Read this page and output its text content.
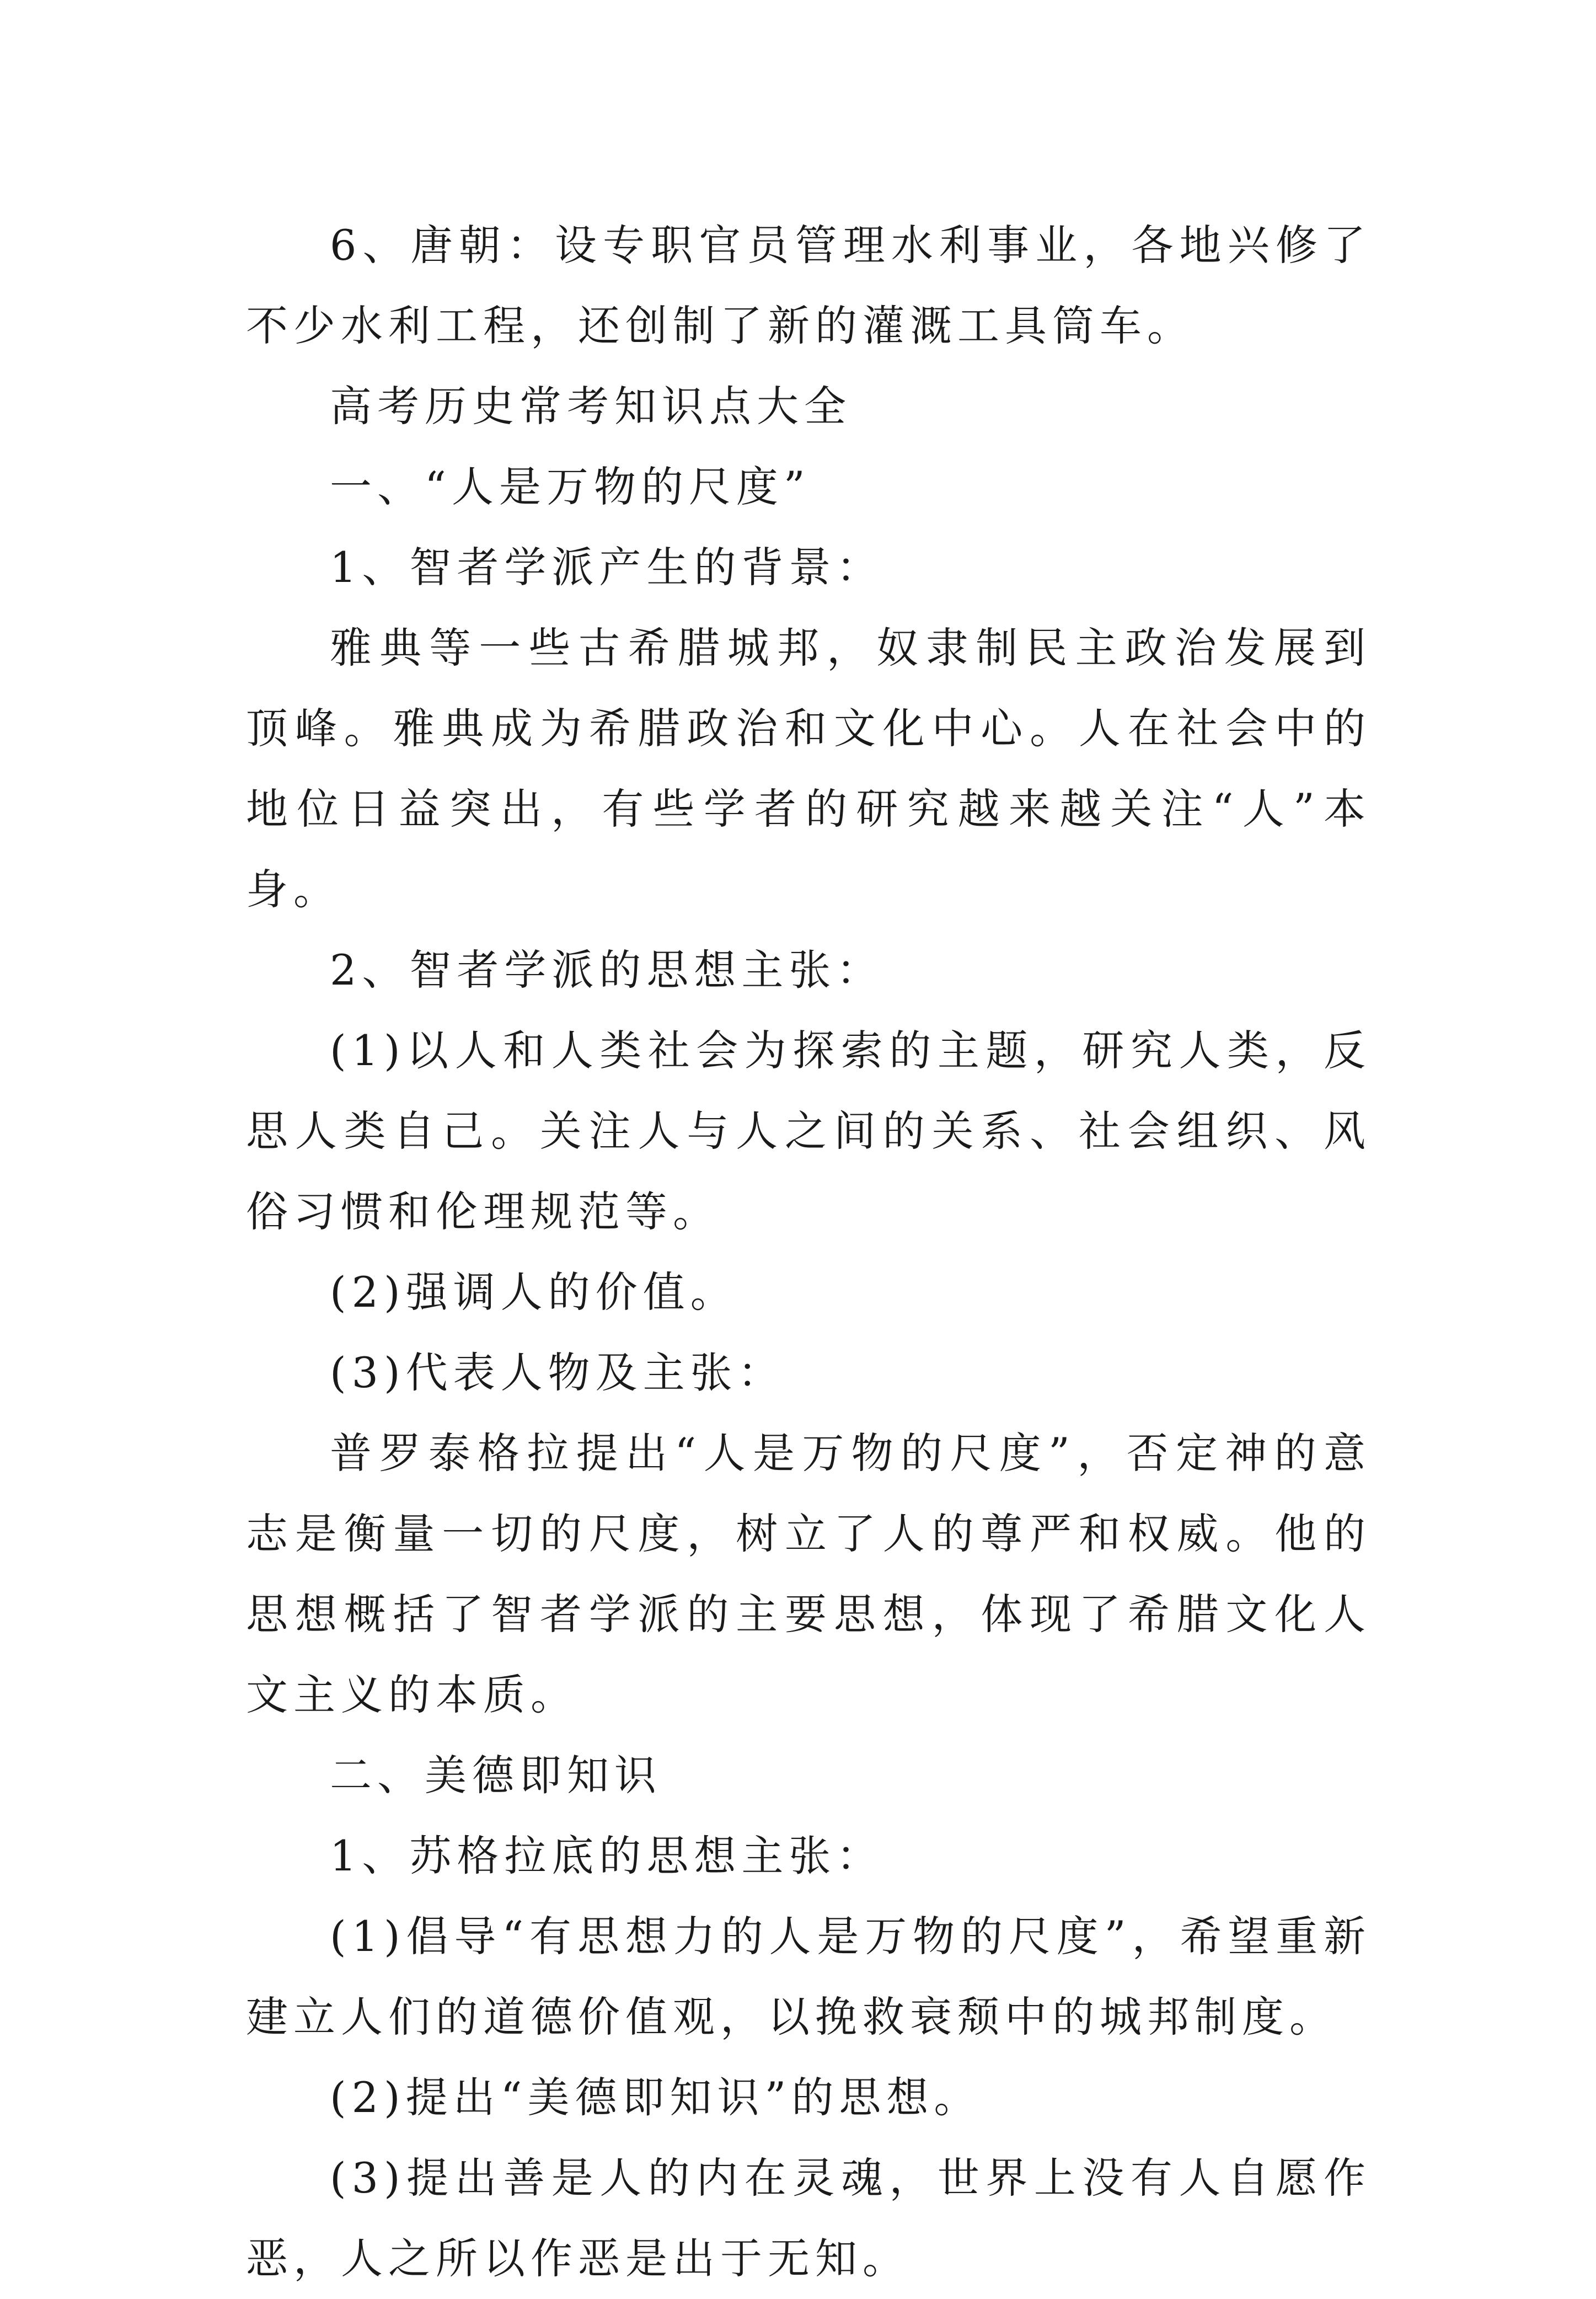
6、唐朝：设专职官员管理水利事业，各地兴修了不少水利工程，还创制了新的灌溉工具筒车。

高考历史常考知识点大全

一、“人是万物的尺度”

1、智者学派产生的背景：

雅典等一些古希腊城邦，奴隶制民主政治发展到顶峰。雅典成为希腊政治和文化中心。人在社会中的地位日益突出，有些学者的研究越来越关注“人”本身。

2、智者学派的思想主张：

(1)以人和人类社会为探索的主题，研究人类，反思人类自己。关注人与人之间的关系、社会组织、风俗习惯和伦理规范等。

(2)强调人的价值。

(3)代表人物及主张：

普罗泰格拉提出“人是万物的尺度”，否定神的意志是衡量一切的尺度，树立了人的尊严和权威。他的思想概括了智者学派的主要思想，体现了希腊文化人文主义的本质。

二、美德即知识

1、苏格拉底的思想主张：

(1)倡导“有思想力的人是万物的尺度”，希望重新建立人们的道德价值观，以挽救衰颓中的城邦制度。

(2)提出“美德即知识”的思想。

(3)提出善是人的内在灵魂，世界上没有人自愿作恶，人之所以作恶是出于无知。
